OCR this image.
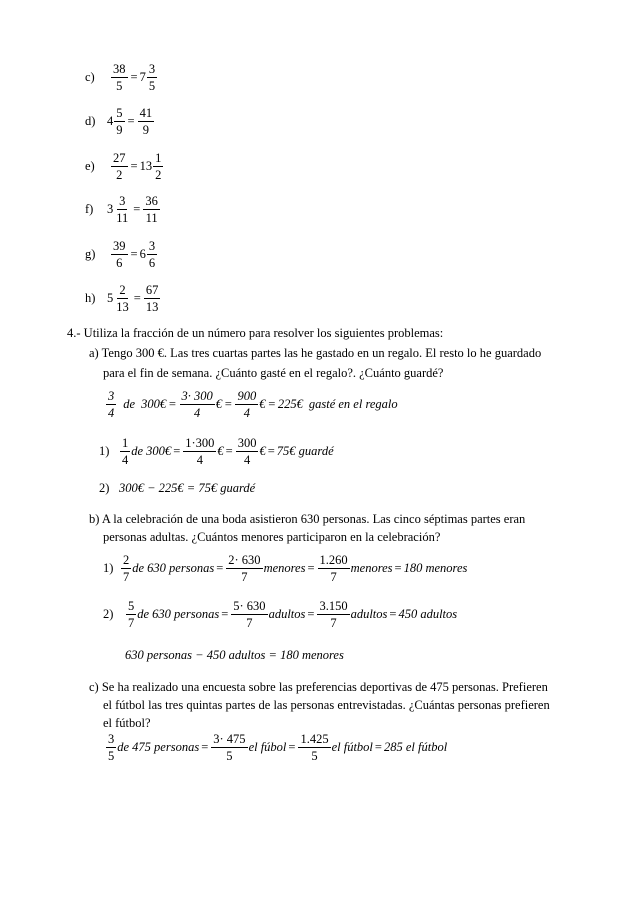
c)	$\frac{38}{5} = 7 \frac{3}{5}$
d) $4 \frac{5}{9} = \frac{41}{9}$
e)	$\frac{27}{2} = 13 \frac{1}{2}$
f)	$3 \frac{3}{11} = \frac{36}{11}$
g)	$\frac{39}{6} = 6 \frac{3}{6}$
h) $5 \frac{2}{13} = \frac{67}{13}$
4.- Utiliza la fracción de un número para resolver los siguientes problemas:
a) Tengo 300 €. Las tres cuartas partes las he gastado en un regalo. El resto lo he guardado
para el fin de semana. ¿Cuánto gasté en el regalo?. ¿Cuánto guardé?
$\frac{3}{4}$ de 300€ = $\frac{3\cdot 300}{4}$ € = $\frac{900}{4}$ € = 225€ gasté en el regalo
$1) \frac{1}{4}$ de 300€ = $\frac{1\cdot 300}{4}$ € = $\frac{300}{4}$ € = 75€ guardé
2) 300€ − 225€ = 75€ guardé
b) A la celebración de una boda asistieron 630 personas. Las cinco séptimas partes eran
personas adultas. ¿Cuántos menores participaron en la celebración?
$1) \frac{2}{7}$ de 630 personas = $\frac{2\cdot 630}{7}$ menores = $\frac{1.260}{7}$ menores = 180 menores
2)	$\frac{5}{7}$ de 630 personas = $\frac{5\cdot 630}{7}$ adultos = $\frac{3.150}{7}$ adultos = 450 adultos
630 personas − 450 adultos = 180 menores
c) Se ha realizado una encuesta sobre las preferencias deportivas de 475 personas. Prefieren
el fútbol las tres quintas partes de las personas entrevistadas. ¿Cuántas personas prefieren
el fútbol?
$\frac{3}{5}$ de 475 personas = $\frac{3\cdot 475}{5}$ el fúbol = $\frac{1.425}{5}$ el fútbol = 285 el fútbol
